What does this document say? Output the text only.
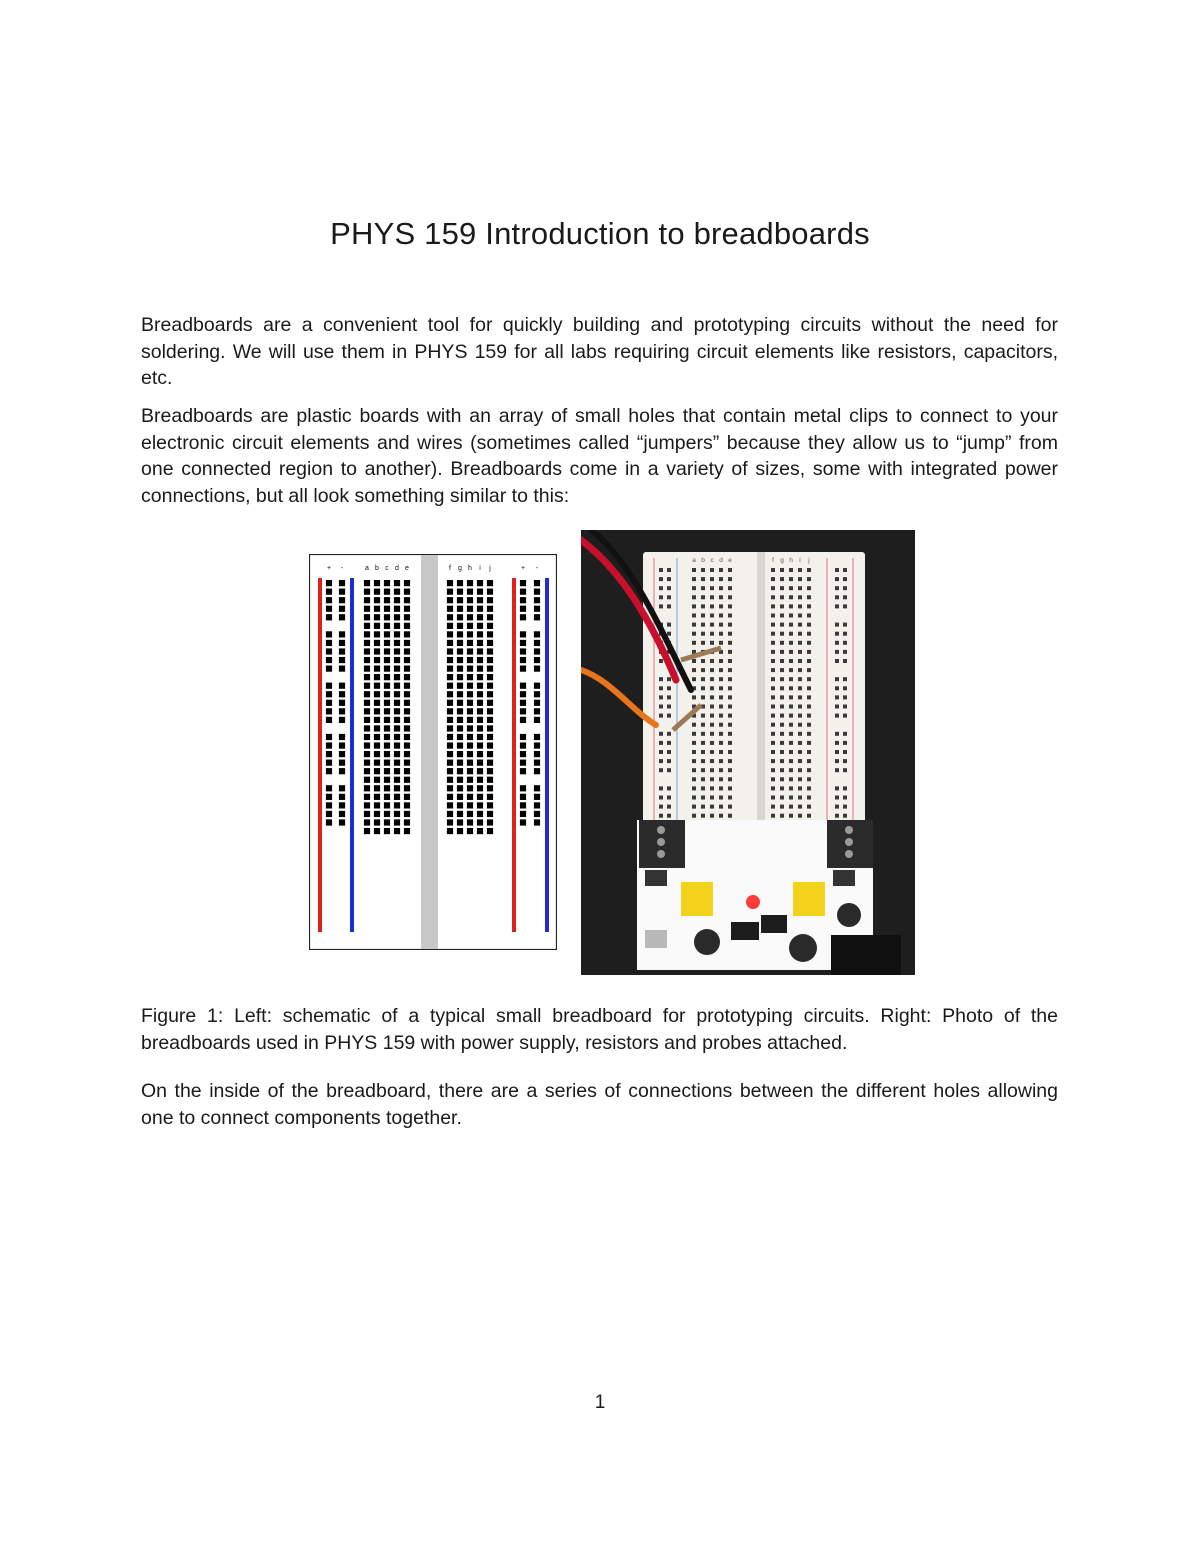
PHYS 159 Introduction to breadboards

Breadboards are a convenient tool for quickly building and prototyping circuits without the need for soldering. We will use them in PHYS 159 for all labs requiring circuit elements like resistors, capacitors, etc.

Breadboards are plastic boards with an array of small holes that contain metal clips to connect to your electronic circuit elements and wires (sometimes called “jumpers” because they allow us to “jump” from one connected region to another). Breadboards come in a variety of sizes, some with integrated power connections, but all look something similar to this:

+ -	+ -
a b c d e	f g h i j
a b c d e	f g h i j

Figure 1: Left: schematic of a typical small breadboard for prototyping circuits. Right: Photo of the breadboards used in PHYS 159 with power supply, resistors and probes attached.

On the inside of the breadboard, there are a series of connections between the different holes allowing one to connect components together.

1
